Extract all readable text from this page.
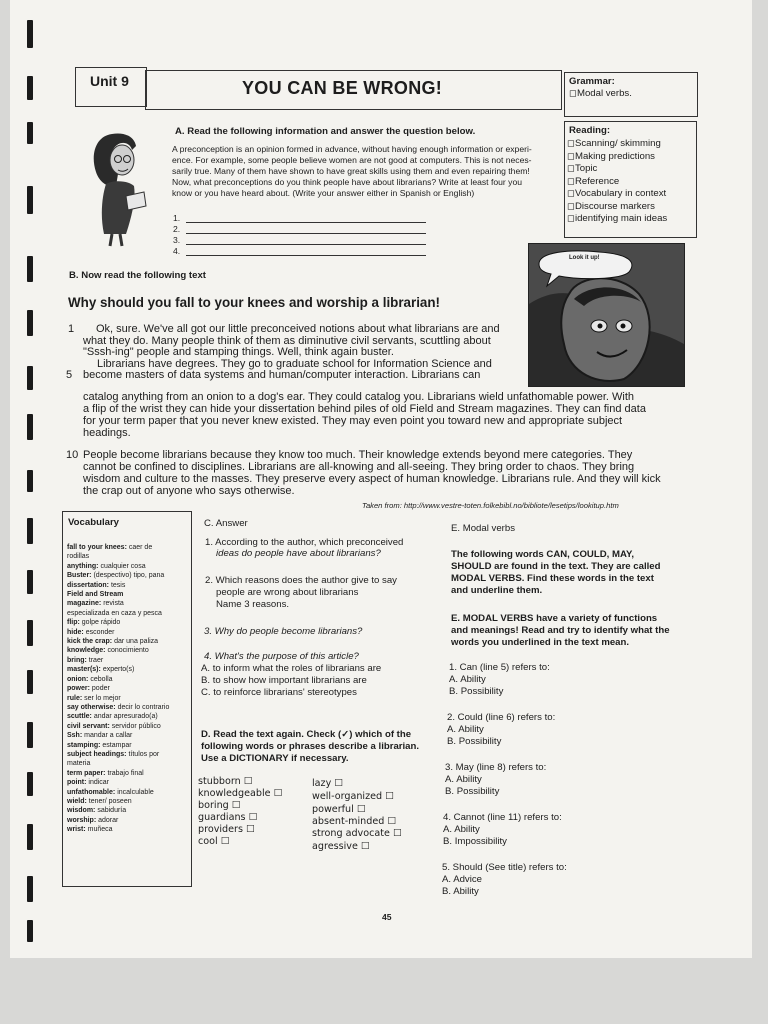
Unit 9	YOU CAN BE WRONG!	Grammar:
◻Modal verbs.
Reading:
◻Scanning/ skimming
◻Making predictions
◻Topic
◻Reference
◻Vocabulary in context
◻Discourse markers
◻identifying main ideas
A. Read the following information and answer the question below.
A preconception is an opinion formed in advance, without having enough information or experi-
ence. For example, some people believe women are not good at computers. This is not neces-
sarily true. Many of them have shown to have great skills using them and even repairing them!
Now, what preconceptions do you think people have about librarians? Write at least four you
know or you have heard about. (Write your answer either in Spanish or English)
1.
2.
3.
4.
Look it up!
B. Now read the following text
Why should you fall to your knees and worship a librarian!
1 Ok, sure. We've all got our little preconceived notions about what librarians are and
what they do. Many people think of them as diminutive civil servants, scuttling about
"Sssh-ing" people and stamping things. Well, think again buster.
Librarians have degrees. They go to graduate school for Information Science and
5 become masters of data systems and human/computer interaction. Librarians can
catalog anything from an onion to a dog's ear. They could catalog you. Librarians wield unfathomable power. With
a flip of the wrist they can hide your dissertation behind piles of old Field and Stream magazines. They can find data
for your term paper that you never knew existed. They may even point you toward new and appropriate subject
headings.
10 People become librarians because they know too much. Their knowledge extends beyond mere categories. They
cannot be confined to disciplines. Librarians are all-knowing and all-seeing. They bring order to chaos. They bring
wisdom and culture to the masses. They preserve every aspect of human knowledge. Librarians rule. And they will kick
the crap out of anyone who says otherwise.
Taken from: http://www.vestre-toten.folkebibl.no/bibliote/lesetips/lookitup.htm
Vocabulary
fall to your knees: caer de
rodillas
anything: cualquier cosa
Buster: (despectivo) tipo, pana
dissertation: tesis
Field and Stream
magazine: revista
especializada en caza y pesca
flip: golpe rápido
hide: esconder
kick the crap: dar una paliza
knowledge: conocimiento
bring: traer
master(s): experto(s)
onion: cebolla
power: poder
rule: ser lo mejor
say otherwise: decir lo contrario
scuttle: andar apresurado(a)
civil servant: servidor público
Ssh: mandar a callar
stamping: estampar
subject headings: títulos por
materia
term paper: trabajo final
point: indicar
unfathomable: incalculable
wield: tener/ poseen
wisdom: sabiduría
worship: adorar
wrist: muñeca
C. Answer
1. According to the author, which preconceived
ideas do people have about librarians?
2. Which reasons does the author give to say
people are wrong about librarians
Name 3 reasons.
3. Why do people become librarians?
4. What's the purpose of this article?
A. to inform what the roles of librarians are
B. to show how important librarians are
C. to reinforce librarians' stereotypes
D. Read the text again. Check (✓) which of the
following words or phrases describe a librarian.
Use a DICTIONARY if necessary.
stubborn ☐
knowledgeable ☐
boring ☐
guardians ☐
providers ☐
cool ☐
lazy ☐
well-organized ☐
powerful ☐
absent-minded ☐
strong advocate ☐
agressive ☐
E. Modal verbs
The following words CAN, COULD, MAY,
SHOULD are found in the text. They are called
MODAL VERBS. Find these words in the text
and underline them.
E. MODAL VERBS have a variety of functions
and meanings! Read and try to identify what the
words you underlined in the text mean.
1. Can (line 5) refers to:
A. Ability
B. Possibility
2. Could (line 6) refers to:
A. Ability
B. Possibility
3. May (line 8) refers to:
A. Ability
B. Possibility
4. Cannot (line 11) refers to:
A. Ability
B. Impossibility
5. Should (See title) refers to:
A. Advice
B. Ability
45
